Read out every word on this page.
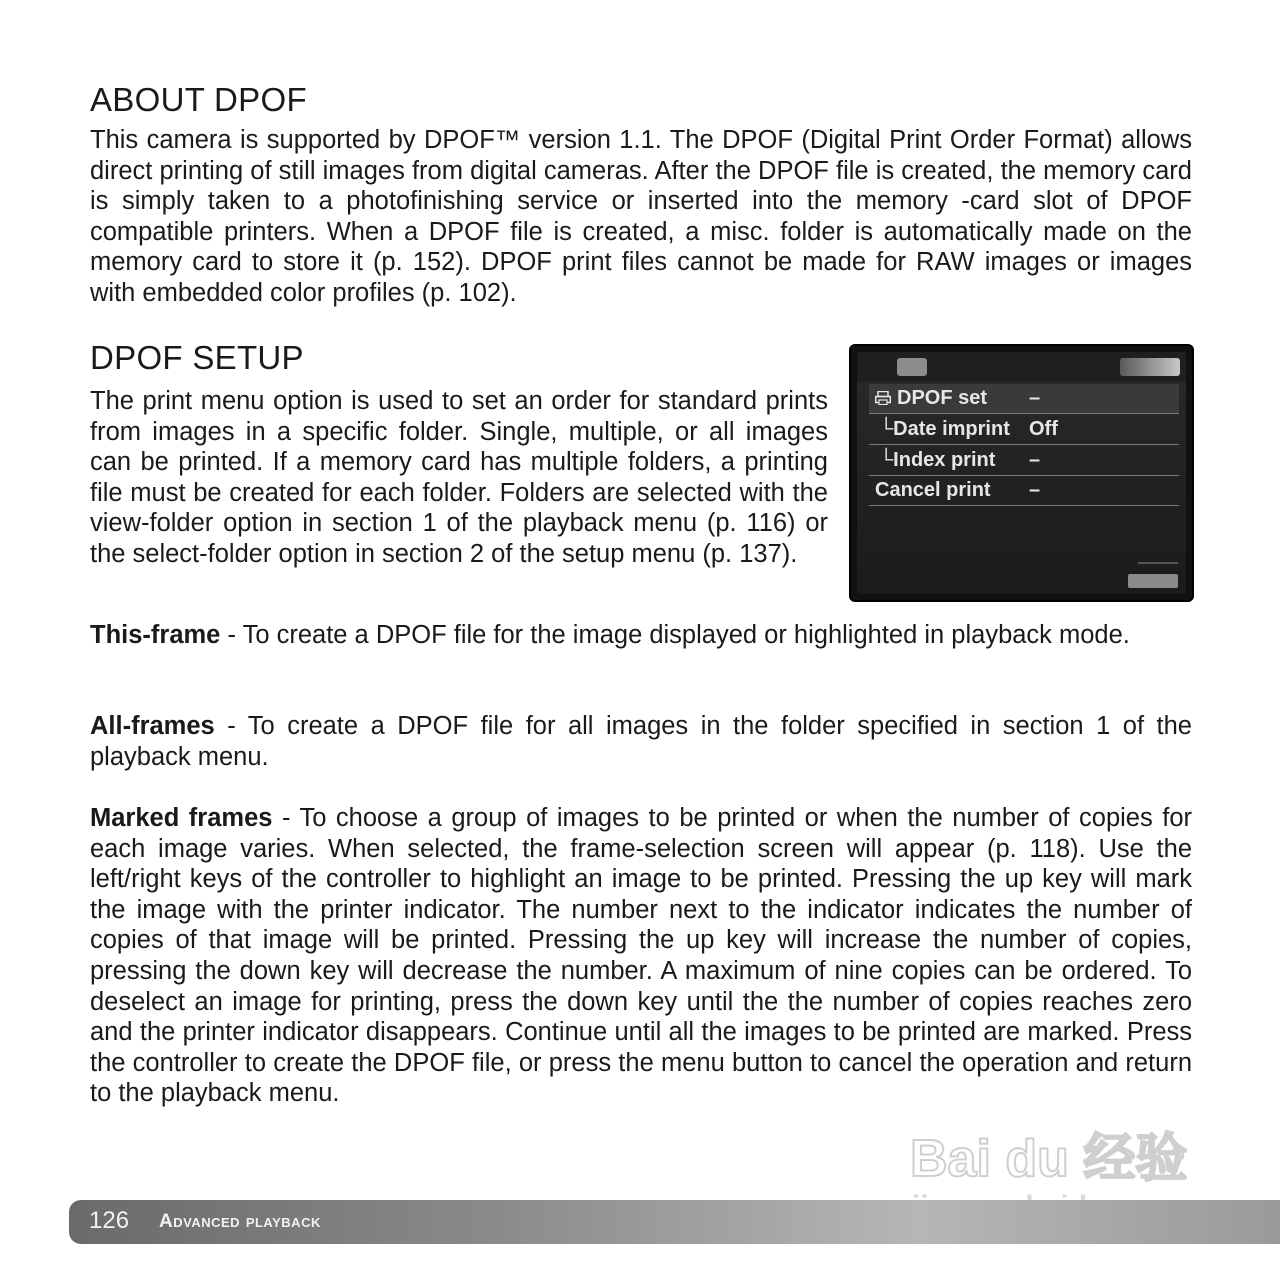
ABOUT DPOF

This camera is supported by DPOF™ version 1.1. The DPOF (Digital Print Order Format) allows direct printing of still images from digital cameras. After the DPOF file is created, the memory card is simply taken to a photofinishing service or inserted into the memory -card slot of DPOF compatible printers. When a DPOF file is created, a misc. folder is automatically made on the memory card to store it (p. 152). DPOF print files cannot be made for RAW images or images with embedded color profiles (p. 102).

DPOF SETUP

The print menu option is used to set an order for standard prints from images in a specific folder. Single, multiple, or all images can be printed. If a memory card has multiple folders, a printing file must be created for each folder. Folders are selected with the view-folder option in section 1 of the playback menu (p. 116) or the select-folder option in section 2 of the setup menu (p. 137).

This-frame - To create a DPOF file for the image displayed or highlighted in playback mode.

All-frames - To create a DPOF file for all images in the folder specified in section 1 of the playback menu.

Marked frames - To choose a group of images to be printed or when the number of copies for each image varies. When selected, the frame-selection screen will appear (p. 118). Use the left/right keys of the controller to highlight an image to be printed. Pressing the up key will mark the image with the printer indicator. The number next to the indicator indicates the number of copies of that image will be printed. Pressing the up key will increase the number of copies, pressing the down key will decrease the number. A maximum of nine copies can be ordered. To deselect an image for printing, press the down key until the the number of copies reaches zero and the printer indicator disappears. Continue until all the images to be printed are marked. Press the controller to create the DPOF file, or press the menu button to cancel the operation and return to the playback menu.

DPOF set –
└Date imprint Off
└Index print –
Cancel print –
Bai du 经验
126 Advanced playback
